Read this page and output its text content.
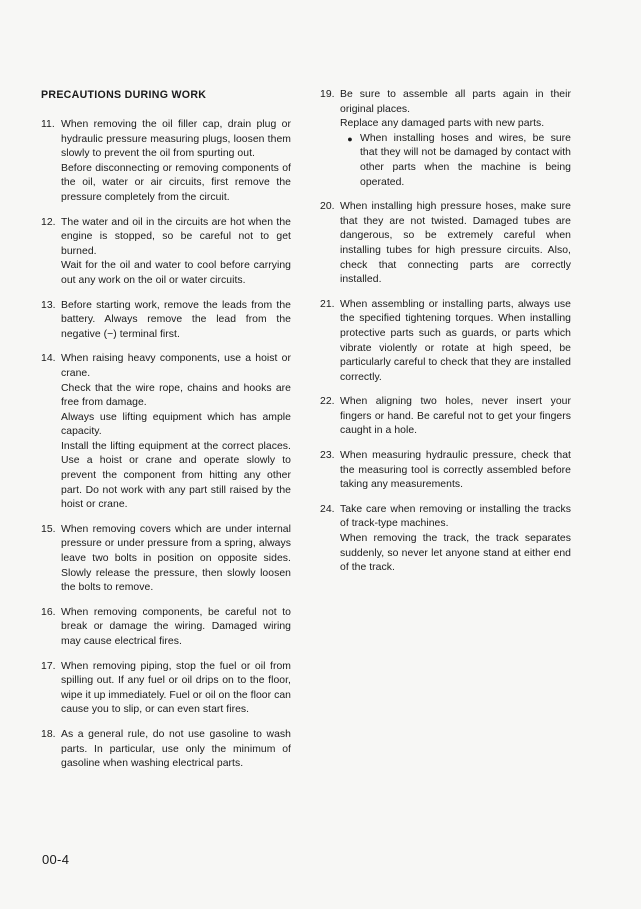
PRECAUTIONS DURING WORK
11. When removing the oil filler cap, drain plug or hydraulic pressure measuring plugs, loosen them slowly to prevent the oil from spurting out.

Before disconnecting or removing components of the oil, water or air circuits, first remove the pressure completely from the circuit.

12. The water and oil in the circuits are hot when the engine is stopped, so be careful not to get burned.

Wait for the oil and water to cool before carrying out any work on the oil or water circuits.

13. Before starting work, remove the leads from the battery. Always remove the lead from the negative (−) terminal first.

14. When raising heavy components, use a hoist or crane.

Check that the wire rope, chains and hooks are free from damage.

Always use lifting equipment which has ample capacity.

Install the lifting equipment at the correct places. Use a hoist or crane and operate slowly to prevent the component from hitting any other part. Do not work with any part still raised by the hoist or crane.

15. When removing covers which are under internal pressure or under pressure from a spring, always leave two bolts in position on opposite sides. Slowly release the pressure, then slowly loosen the bolts to remove.

16. When removing components, be careful not to break or damage the wiring. Damaged wiring may cause electrical fires.

17. When removing piping, stop the fuel or oil from spilling out. If any fuel or oil drips on to the floor, wipe it up immediately. Fuel or oil on the floor can cause you to slip, or can even start fires.

18. As a general rule, do not use gasoline to wash parts. In particular, use only the minimum of gasoline when washing electrical parts.

19. Be sure to assemble all parts again in their original places.

Replace any damaged parts with new parts.

● When installing hoses and wires, be sure that they will not be damaged by contact with other parts when the machine is being operated.
20. When installing high pressure hoses, make sure that they are not twisted. Damaged tubes are dangerous, so be extremely careful when installing tubes for high pressure circuits. Also, check that connecting parts are correctly installed.

21. When assembling or installing parts, always use the specified tightening torques. When installing protective parts such as guards, or parts which vibrate violently or rotate at high speed, be particularly careful to check that they are installed correctly.

22. When aligning two holes, never insert your fingers or hand. Be careful not to get your fingers caught in a hole.

23. When measuring hydraulic pressure, check that the measuring tool is correctly assembled before taking any measurements.

24. Take care when removing or installing the tracks of track-type machines.

When removing the track, the track separates suddenly, so never let anyone stand at either end of the track.

00-4
